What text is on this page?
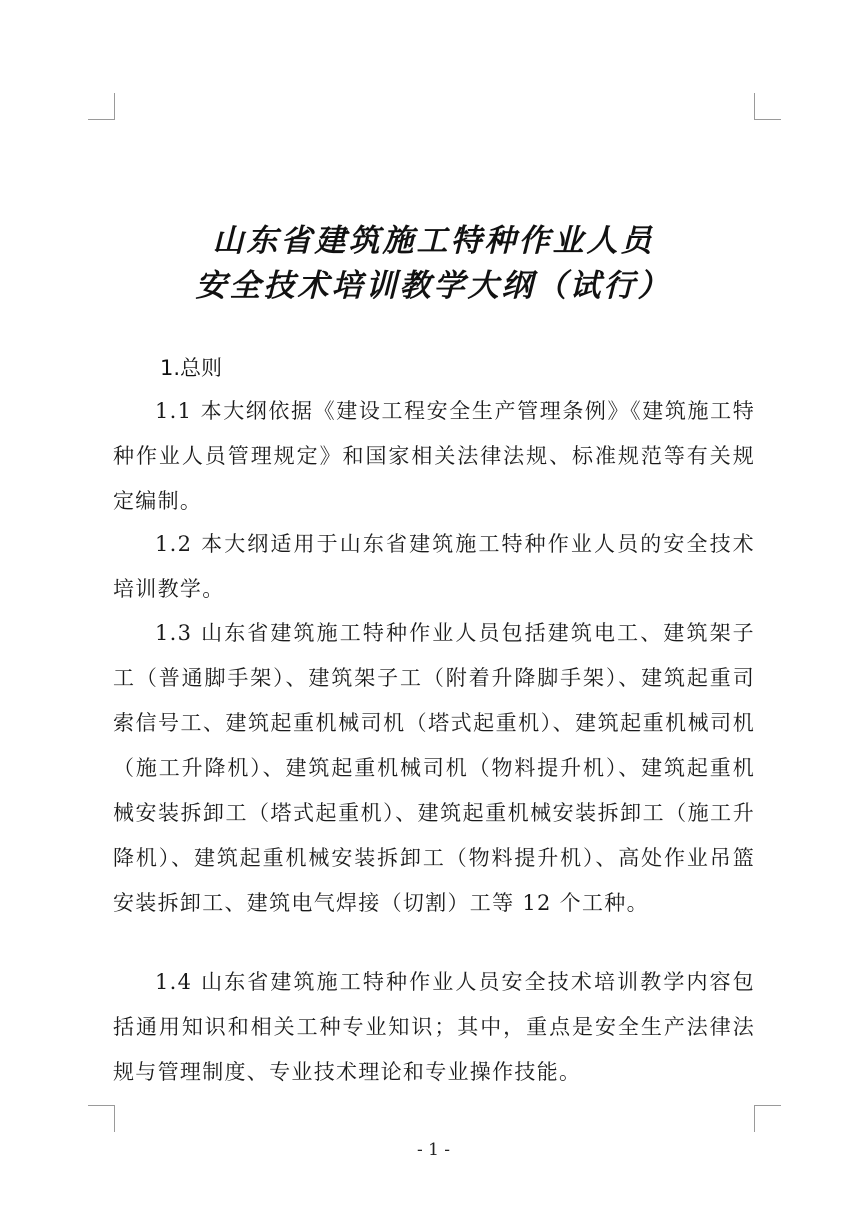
山东省建筑施工特种作业人员
安全技术培训教学大纲（试行）
1.总则

1.1 本大纲依据《建设工程安全生产管理条例》《建筑施工特种作业人员管理规定》和国家相关法律法规、标准规范等有关规定编制。

1.2 本大纲适用于山东省建筑施工特种作业人员的安全技术培训教学。

1.3 山东省建筑施工特种作业人员包括建筑电工、建筑架子工（普通脚手架）、建筑架子工（附着升降脚手架）、建筑起重司索信号工、建筑起重机械司机（塔式起重机）、建筑起重机械司机（施工升降机）、建筑起重机械司机（物料提升机）、建筑起重机械安装拆卸工（塔式起重机）、建筑起重机械安装拆卸工（施工升降机）、建筑起重机械安装拆卸工（物料提升机）、高处作业吊篮安装拆卸工、建筑电气焊接（切割）工等 12 个工种。

1.4 山东省建筑施工特种作业人员安全技术培训教学内容包括通用知识和相关工种专业知识；其中，重点是安全生产法律法规与管理制度、专业技术理论和专业操作技能。

- 1 -
